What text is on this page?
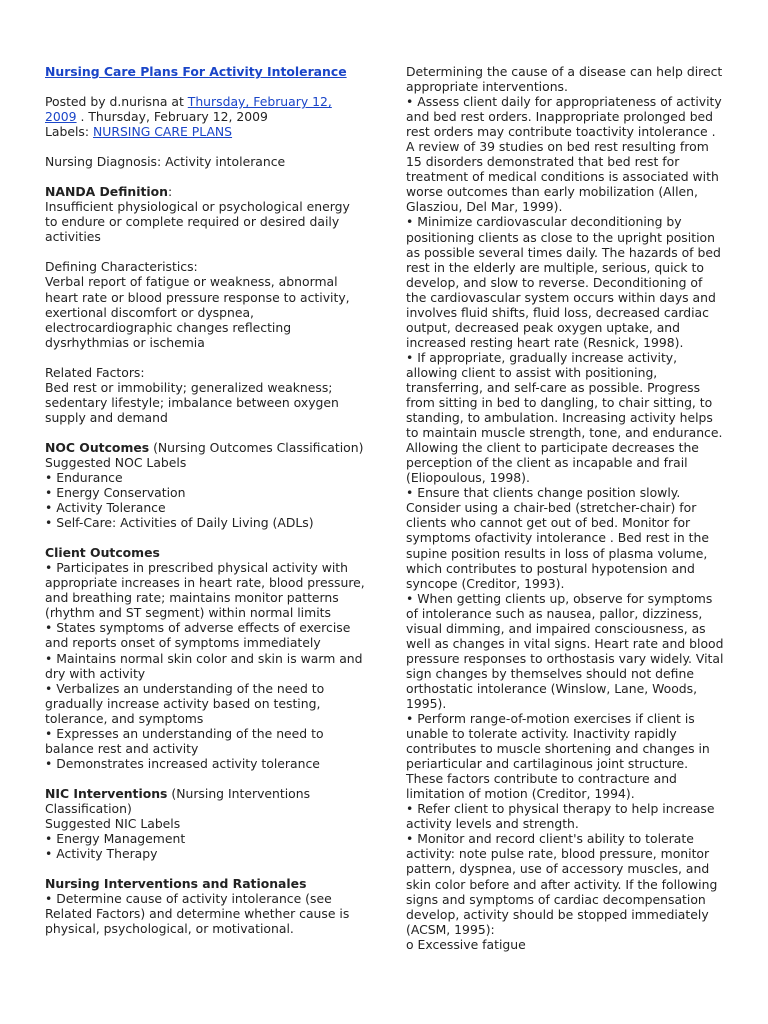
Nursing Care Plans For Activity Intolerance

Posted by d.nurisna at Thursday, February 12, 2009 . Thursday, February 12, 2009

Labels: NURSING CARE PLANS

Nursing Diagnosis: Activity intolerance

NANDA Definition:

Insufficient physiological or psychological energy to endure or complete required or desired daily activities

Defining Characteristics:

Verbal report of fatigue or weakness, abnormal heart rate or blood pressure response to activity, exertional discomfort or dyspnea, electrocardiographic changes reflecting dysrhythmias or ischemia

Related Factors:

Bed rest or immobility; generalized weakness; sedentary lifestyle; imbalance between oxygen supply and demand

NOC Outcomes (Nursing Outcomes Classification)

Suggested NOC Labels

• Endurance
• Energy Conservation
• Activity Tolerance
• Self-Care: Activities of Daily Living (ADLs)

Client Outcomes

• Participates in prescribed physical activity with appropriate increases in heart rate, blood pressure, and breathing rate; maintains monitor patterns (rhythm and ST segment) within normal limits
• States symptoms of adverse effects of exercise and reports onset of symptoms immediately
• Maintains normal skin color and skin is warm and dry with activity
• Verbalizes an understanding of the need to gradually increase activity based on testing, tolerance, and symptoms
• Expresses an understanding of the need to balance rest and activity
• Demonstrates increased activity tolerance

NIC Interventions (Nursing Interventions Classification)

Suggested NIC Labels

• Energy Management
• Activity Therapy

Nursing Interventions and Rationales

• Determine cause of activity intolerance (see Related Factors) and determine whether cause is physical, psychological, or motivational.

Determining the cause of a disease can help direct appropriate interventions.

• Assess client daily for appropriateness of activity and bed rest orders. Inappropriate prolonged bed rest orders may contribute toactivity intolerance . A review of 39 studies on bed rest resulting from 15 disorders demonstrated that bed rest for treatment of medical conditions is associated with worse outcomes than early mobilization (Allen, Glasziou, Del Mar, 1999).

• Minimize cardiovascular deconditioning by positioning clients as close to the upright position as possible several times daily. The hazards of bed rest in the elderly are multiple, serious, quick to develop, and slow to reverse. Deconditioning of the cardiovascular system occurs within days and involves fluid shifts, fluid loss, decreased cardiac output, decreased peak oxygen uptake, and increased resting heart rate (Resnick, 1998).

• If appropriate, gradually increase activity, allowing client to assist with positioning, transferring, and self-care as possible. Progress from sitting in bed to dangling, to chair sitting, to standing, to ambulation. Increasing activity helps to maintain muscle strength, tone, and endurance. Allowing the client to participate decreases the perception of the client as incapable and frail (Eliopoulous, 1998).

• Ensure that clients change position slowly. Consider using a chair-bed (stretcher-chair) for clients who cannot get out of bed. Monitor for symptoms ofactivity intolerance . Bed rest in the supine position results in loss of plasma volume, which contributes to postural hypotension and syncope (Creditor, 1993).

• When getting clients up, observe for symptoms of intolerance such as nausea, pallor, dizziness, visual dimming, and impaired consciousness, as well as changes in vital signs. Heart rate and blood pressure responses to orthostasis vary widely. Vital sign changes by themselves should not define orthostatic intolerance (Winslow, Lane, Woods, 1995).

• Perform range-of-motion exercises if client is unable to tolerate activity. Inactivity rapidly contributes to muscle shortening and changes in periarticular and cartilaginous joint structure. These factors contribute to contracture and limitation of motion (Creditor, 1994).

• Refer client to physical therapy to help increase activity levels and strength.

• Monitor and record client's ability to tolerate activity: note pulse rate, blood pressure, monitor pattern, dyspnea, use of accessory muscles, and skin color before and after activity. If the following signs and symptoms of cardiac decompensation develop, activity should be stopped immediately (ACSM, 1995):

o Excessive fatigue
